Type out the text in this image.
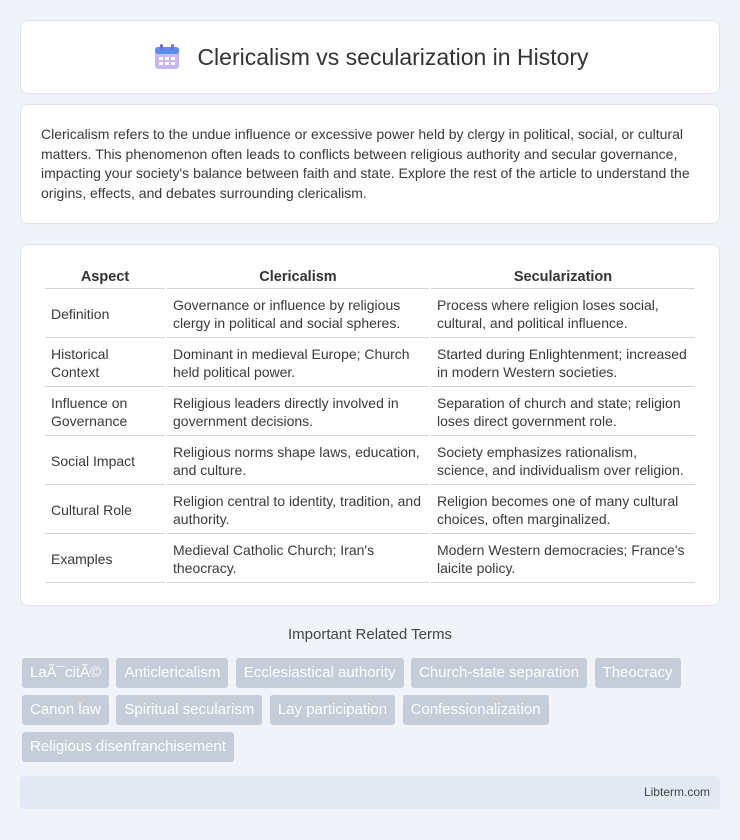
Clericalism vs secularization in History

Clericalism refers to the undue influence or excessive power held by clergy in political, social, or cultural matters. This phenomenon often leads to conflicts between religious authority and secular governance, impacting your society's balance between faith and state. Explore the rest of the article to understand the origins, effects, and debates surrounding clericalism.

Aspect	Clericalism	Secularization
Definition	Governance or influence by religious clergy in political and social spheres.	Process where religion loses social, cultural, and political influence.
Historical Context	Dominant in medieval Europe; Church held political power.	Started during Enlightenment; increased in modern Western societies.
Influence on Governance	Religious leaders directly involved in government decisions.	Separation of church and state; religion loses direct government role.
Social Impact	Religious norms shape laws, education, and culture.	Society emphasizes rationalism, science, and individualism over religion.
Cultural Role	Religion central to identity, tradition, and authority.	Religion becomes one of many cultural choices, often marginalized.
Examples	Medieval Catholic Church; Iran's theocracy.	Modern Western democracies; France's laicite policy.
Important Related Terms
LaÃ¯citÃ© Anticlericalism Ecclesiastical authority Church-state separation Theocracy Canon law Spiritual secularism Lay participation Confessionalization Religious disenfranchisement
Libterm.com
